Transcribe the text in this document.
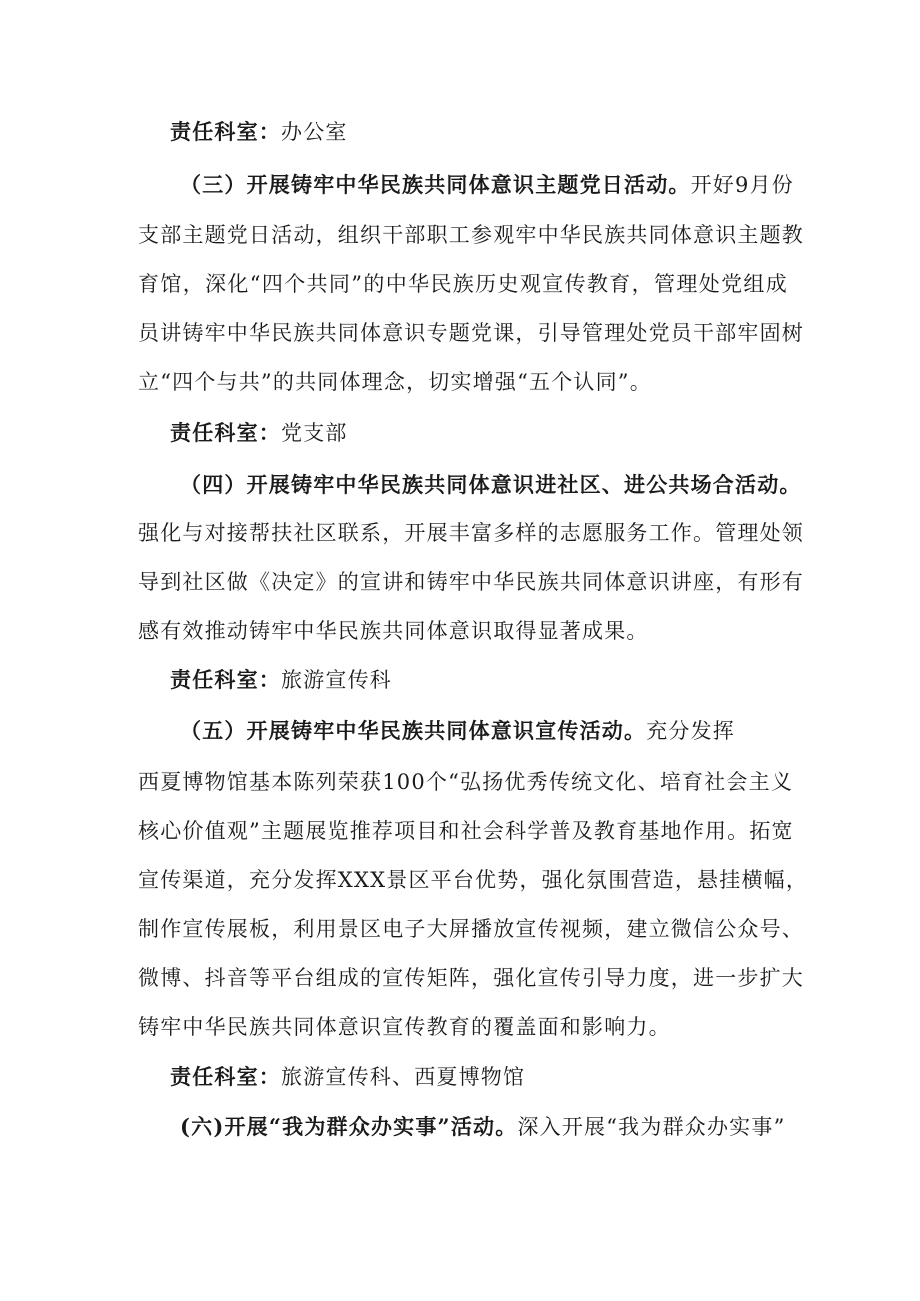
责任科室：办公室
（三）开展铸牢中华民族共同体意识主题党日活动。开好9月份
支部主题党日活动，组织干部职工参观牢中华民族共同体意识主题教
育馆，深化“四个共同”的中华民族历史观宣传教育，管理处党组成
员讲铸牢中华民族共同体意识专题党课，引导管理处党员干部牢固树
立“四个与共”的共同体理念，切实增强“五个认同”。
责任科室：党支部
（四）开展铸牢中华民族共同体意识进社区、进公共场合活动。
强化与对接帮扶社区联系，开展丰富多样的志愿服务工作。管理处领
导到社区做《决定》的宣讲和铸牢中华民族共同体意识讲座，有形有
感有效推动铸牢中华民族共同体意识取得显著成果。
责任科室：旅游宣传科
（五）开展铸牢中华民族共同体意识宣传活动。充分发挥
西夏博物馆基本陈列荣获100个“弘扬优秀传统文化、培育社会主义
核心价值观”主题展览推荐项目和社会科学普及教育基地作用。拓宽
宣传渠道，充分发挥XXX景区平台优势，强化氛围营造，悬挂横幅，
制作宣传展板，利用景区电子大屏播放宣传视频，建立微信公众号、
微博、抖音等平台组成的宣传矩阵，强化宣传引导力度，进一步扩大
铸牢中华民族共同体意识宣传教育的覆盖面和影响力。
责任科室：旅游宣传科、西夏博物馆
(六)开展“我为群众办实事”活动。深入开展“我为群众办实事”
